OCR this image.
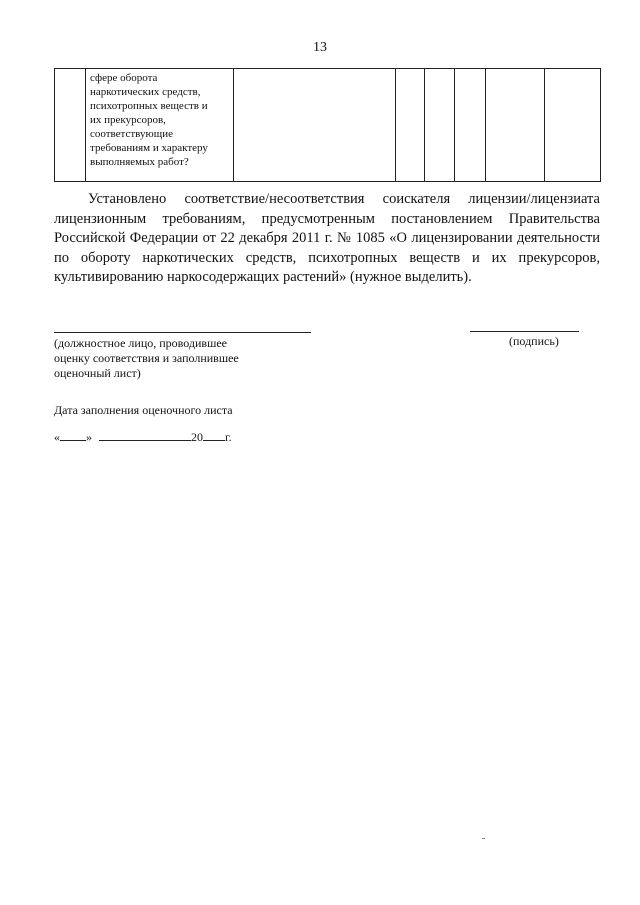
13
	сфере оборота
наркотических средств,
психотропных веществ и
их прекурсоров,
соответствующие
требованиям и характеру
выполняемых работ?						

Установлено соответствие/несоответствия соискателя лицензии/лицензиата лицензионным требованиям, предусмотренным постановлением Правительства Российской Федерации от 22 декабря 2011 г. № 1085 «О лицензировании деятельности по обороту наркотических средств, психотропных веществ и их прекурсоров, культивированию наркосодержащих растений» (нужное выделить).

(должностное лицо, проводившее
оценку соответствия и заполнившее
оценочный лист)
(подпись)
Дата заполнения оценочного листа
« »	20 г.
